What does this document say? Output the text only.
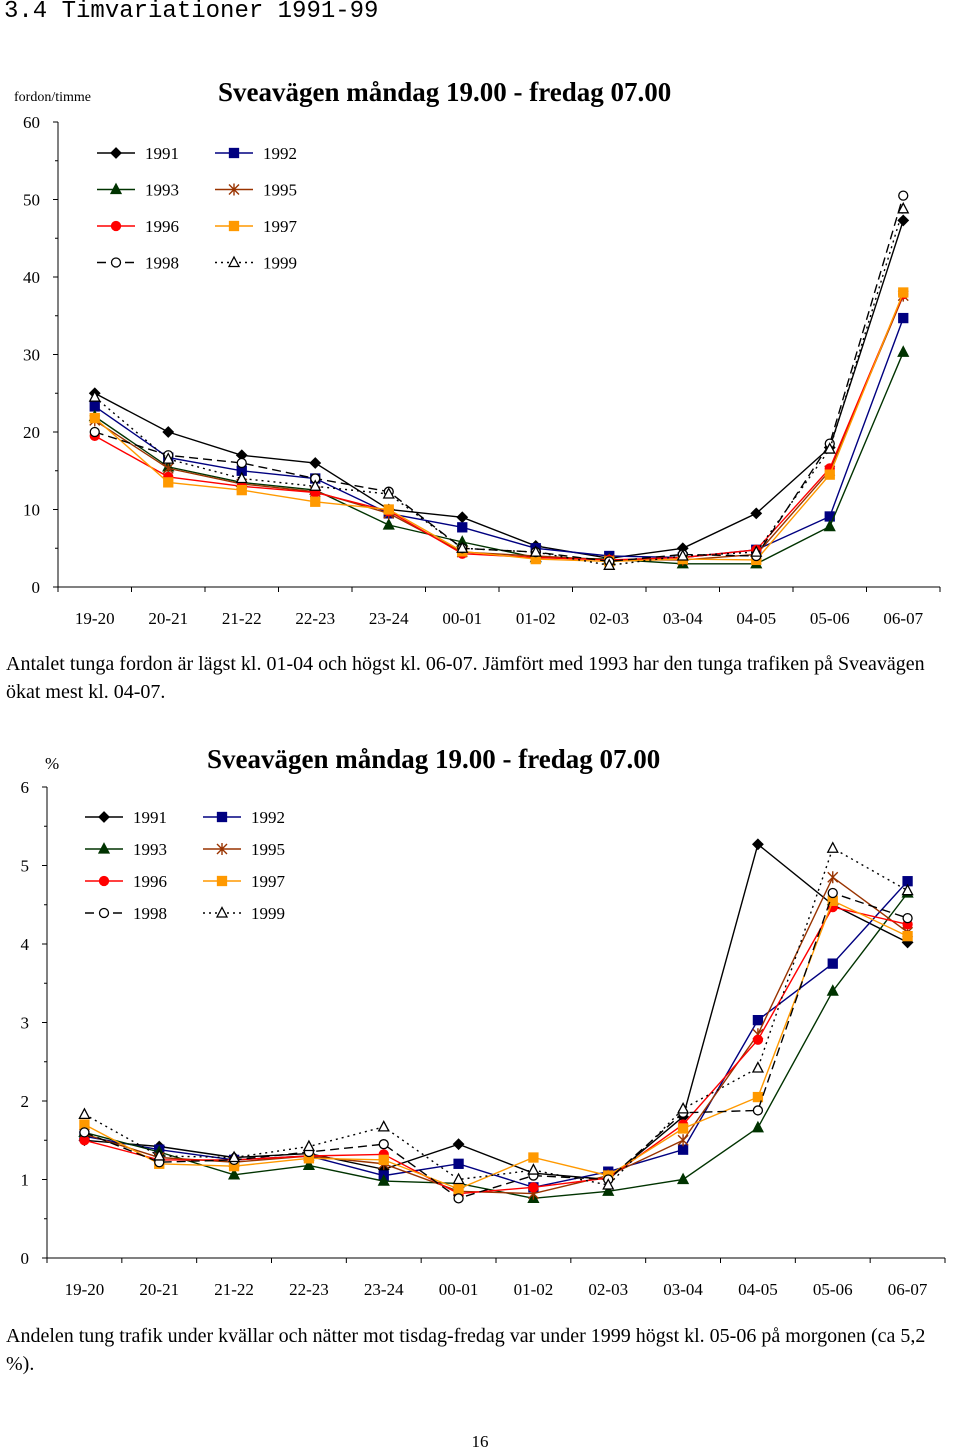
3.4 Timvariationer 1991-99
Sveavägen måndag 19.00 - fredag 07.00
fordon/timme
0
10
20
30
40
50
60
19-20 20-21 21-22 22-23 23-24 00-01 01-02 02-03 03-04 04-05 05-06 06-07
1991	1992
1993	1995
1996	1997
1998	1999
Antalet tunga fordon är lägst kl. 01-04 och högst kl. 06-07. Jämfört med 1993 har den tunga trafiken på Sveavägen ökat mest kl. 04-07.
Sveavägen måndag 19.00 - fredag 07.00
%
0
1
2
3
4
5
6
19-20 20-21 21-22 22-23 23-24 00-01 01-02 02-03 03-04 04-05 05-06 06-07
1991	1992
1993	1995
1996	1997
1998	1999
Andelen tung trafik under kvällar och nätter mot tisdag-fredag var under 1999 högst kl. 05-06 på morgonen (ca 5,2 %).
16
